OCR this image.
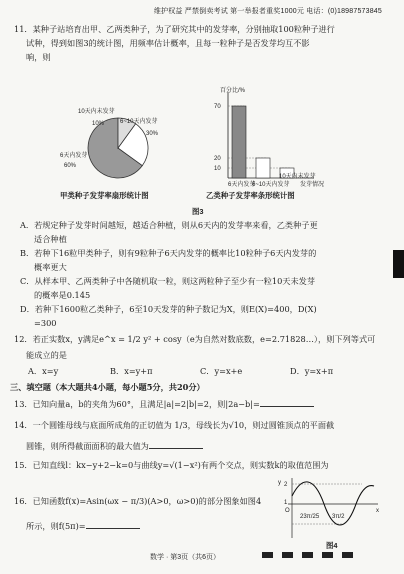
维护权益 严禁倒卖考试 第一举报者重奖1000元 电话：(0)18987573845
11．某种子站培育出甲、乙两类种子，为了研究其中的发芽率，分别抽取100粒种子进行
试种，得到如图3的统计图，用频率估计概率，且每一粒种子是否发芽均互不影
响，则
10天内未发芽
10%	6~10天内发芽
30%
6天内发芽
60%
甲类种子发芽率扇形统计图
百分比/%
70
20
10
6天内发芽
6~10天内发芽
10天内未发芽
发芽情况
乙类种子发芽率条形统计图
图3
A．若规定种子发芽时间越短，越适合种植，则从6天内的发芽率来看，乙类种子更
适合种植
B．若种下16粒甲类种子，则有9粒种子6天内发芽的概率比10粒种子6天内发芽的
概率更大
C．从样本甲、乙两类种子中各随机取一粒，则这两粒种子至少有一粒10天未发芽
的概率是0.145
D．若种下1600粒乙类种子，6至10天发芽的种子数记为X，则E(X)=400，D(X)
=300
12．若正实数x，y满足e^x = 1/2 y² + cosy（e为自然对数底数，e=2.71828…），则下列等式可
能成立的是
A．x=y	B．x=y+π	C．y=x+e	D．y=x+π
三、填空题（本大题共4小题，每小题5分，共20分）
13．已知向量a，b的夹角为60°，且满足|a|=2|b|=2，则|2a−b|=
14．一个圆锥母线与底面所成角的正切值为 1/3，母线长为√10，则过圆锥顶点的平面截
圆锥，则所得截面面积的最大值为
15．已知直线l：kx−y+2−k=0与曲线y=√(1−x²)有两个交点，则实数k的取值范围为
16．已知函数f(x)=Asin(ωx − π/3)(A>0，ω>0)的部分图象如图4
所示，则f(5π)=
y 2
1
O
23π/25 3π/2
x
图4
数学 · 第3页（共6页）
